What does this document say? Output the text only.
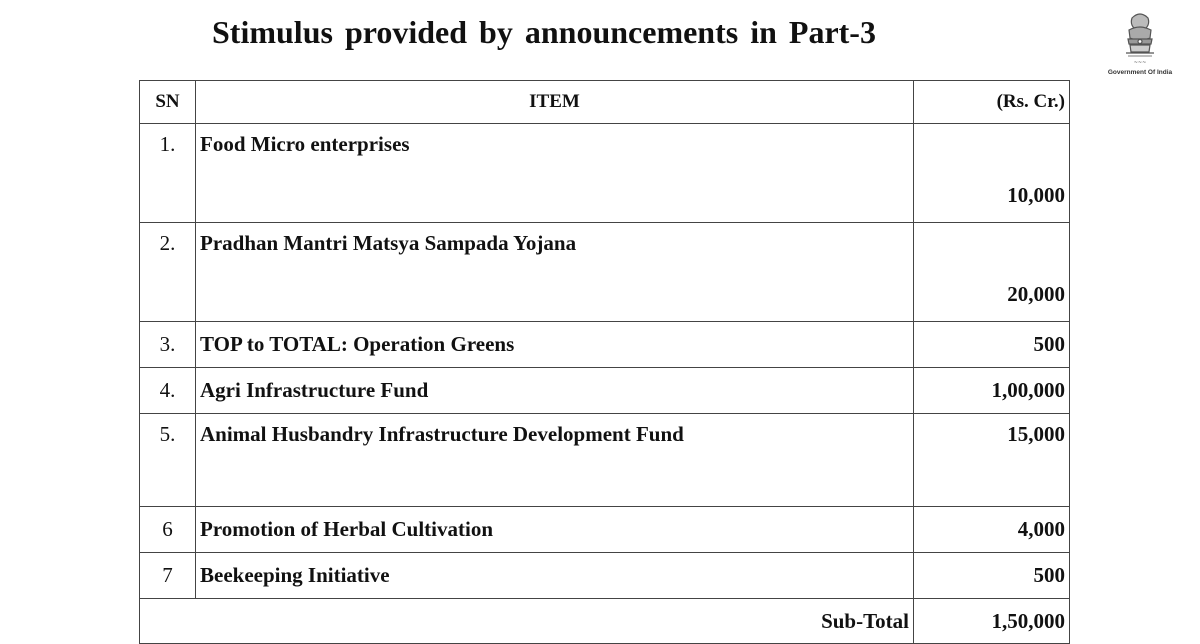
Stimulus provided by announcements in Part-3
~~~
Government Of India
SN	ITEM	(Rs. Cr.)
1.	Food Micro enterprises	10,000
2.	Pradhan Mantri Matsya Sampada Yojana	20,000
3.	TOP to TOTAL: Operation Greens	500
4.	Agri Infrastructure Fund	1,00,000
5.	Animal Husbandry Infrastructure Development Fund	15,000
6	Promotion of Herbal Cultivation	4,000
7	Beekeeping Initiative	500
Sub-Total		1,50,000
